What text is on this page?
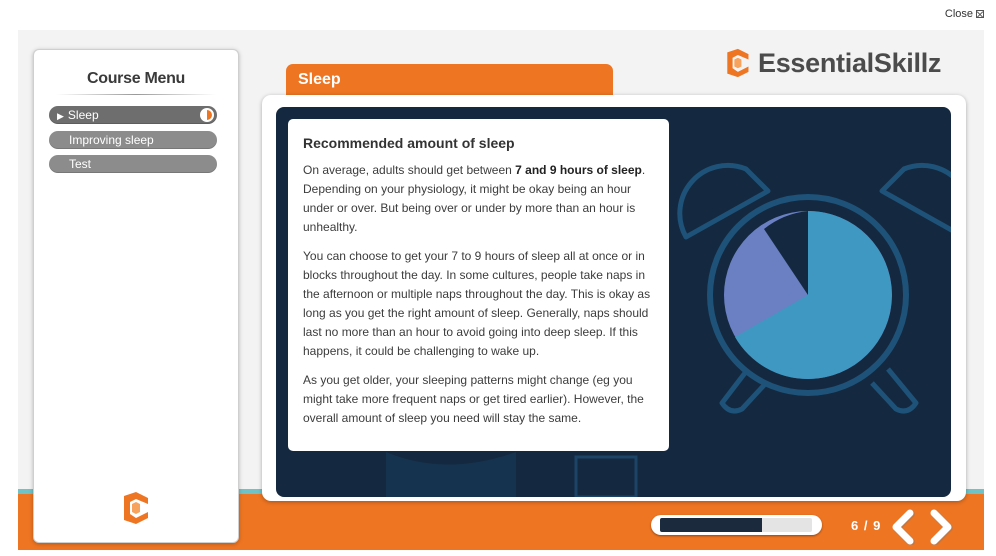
Close
Course Menu
▶ Sleep
Improving sleep
Test
EssentialSkillz
Sleep
Recommended amount of sleep

On average, adults should get between 7 and 9 hours of sleep. Depending on your physiology, it might be okay being an hour under or over. But being over or under by more than an hour is unhealthy.

You can choose to get your 7 to 9 hours of sleep all at once or in blocks throughout the day. In some cultures, people take naps in the afternoon or multiple naps throughout the day. This is okay as long as you get the right amount of sleep. Generally, naps should last no more than an hour to avoid going into deep sleep. If this happens, it could be challenging to wake up.

As you get older, your sleeping patterns might change (eg you might take more frequent naps or get tired earlier). However, the overall amount of sleep you need will stay the same.

6 / 9
